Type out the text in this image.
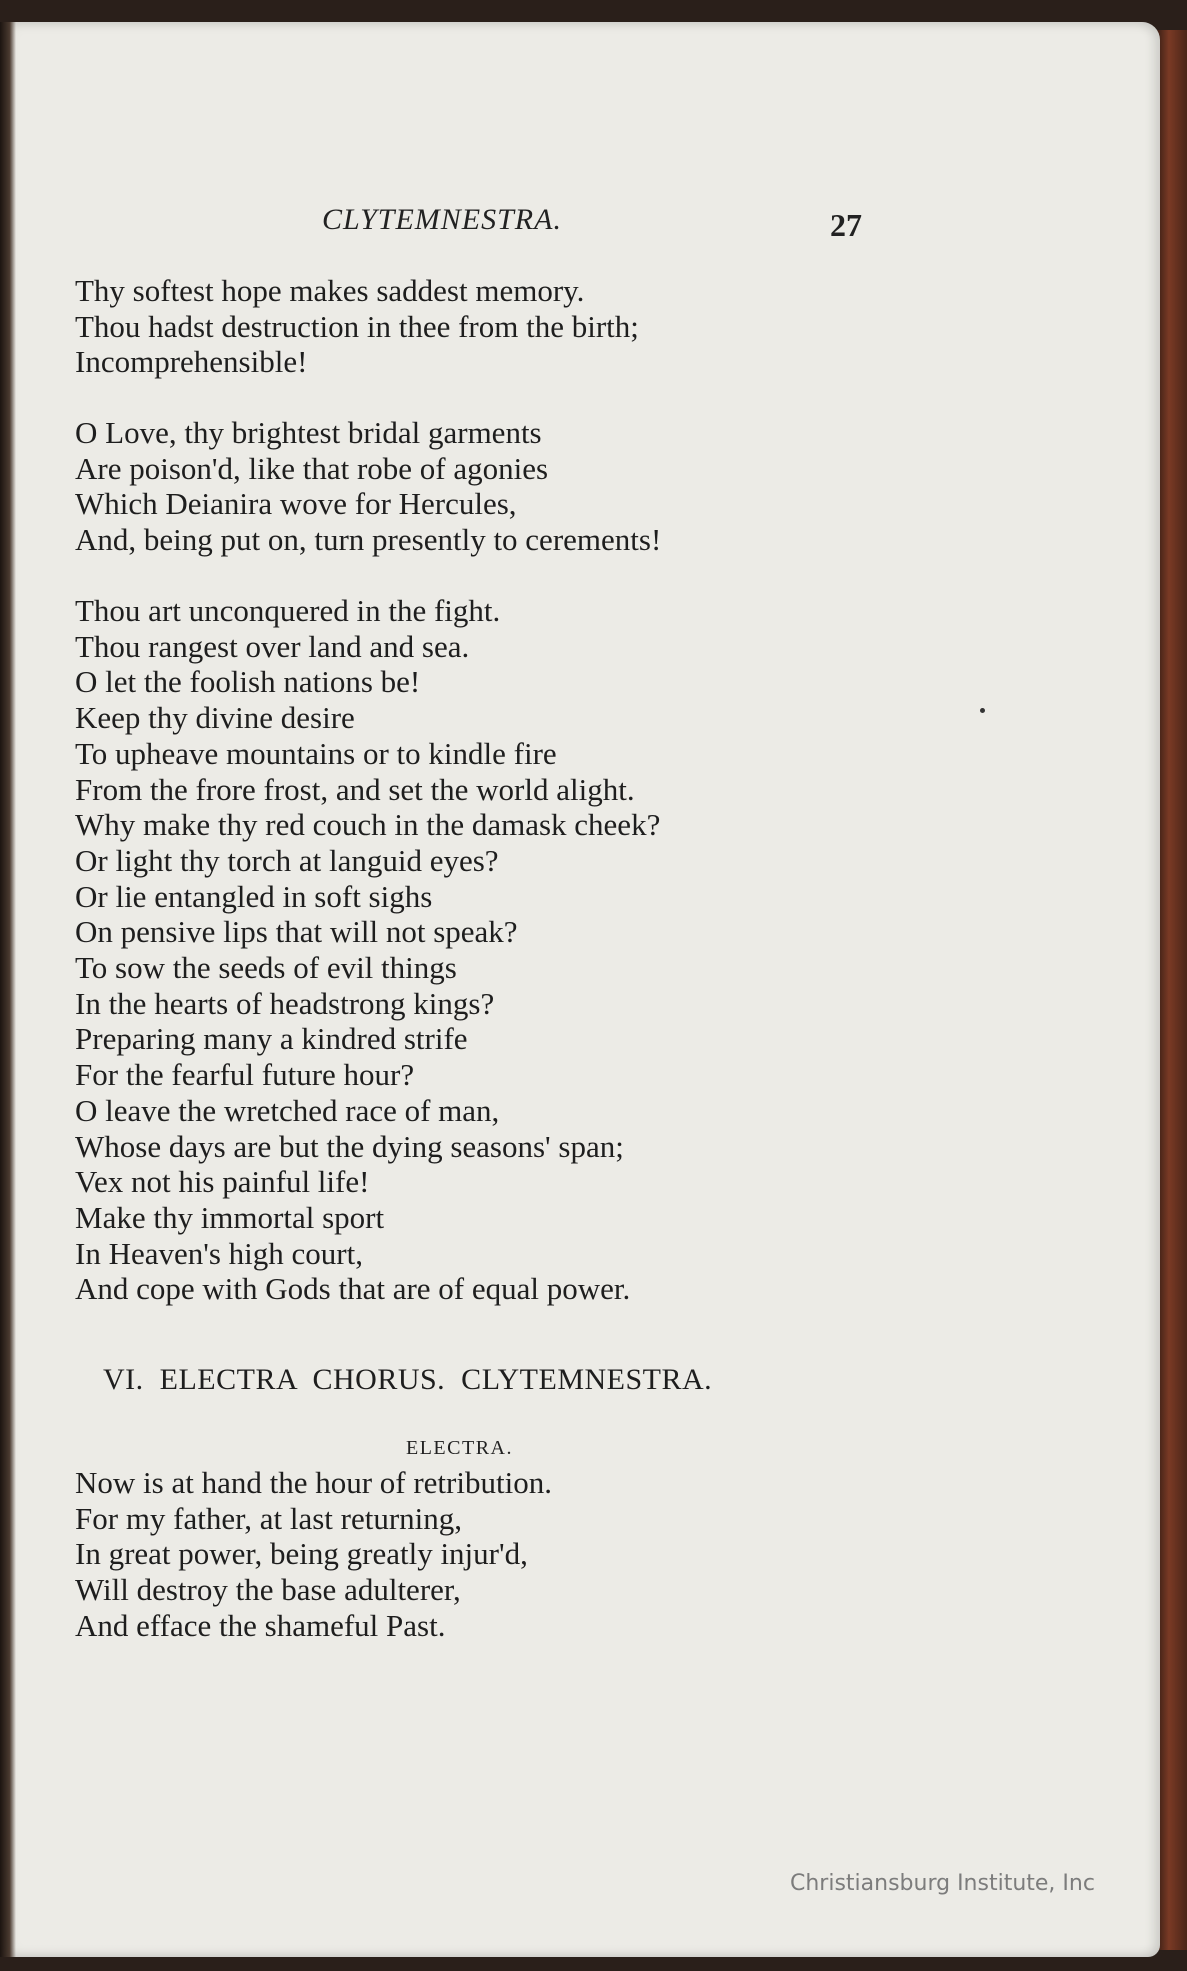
CLYTEMNESTRA.	27
Thy softest hope makes saddest memory.
Thou hadst destruction in thee from the birth;
Incomprehensible!
O Love, thy brightest bridal garments
Are poison'd, like that robe of agonies
Which Deianira wove for Hercules,
And, being put on, turn presently to cerements!
Thou art unconquered in the fight.
Thou rangest over land and sea.
O let the foolish nations be!
Keep thy divine desire
To upheave mountains or to kindle fire
From the frore frost, and set the world alight.
Why make thy red couch in the damask cheek?
Or light thy torch at languid eyes?
Or lie entangled in soft sighs
On pensive lips that will not speak?
To sow the seeds of evil things
In the hearts of headstrong kings?
Preparing many a kindred strife
For the fearful future hour?
O leave the wretched race of man,
Whose days are but the dying seasons' span;
Vex not his painful life!
Make thy immortal sport
In Heaven's high court,
And cope with Gods that are of equal power.
VI. ELECTRA CHORUS. CLYTEMNESTRA.
ELECTRA.
Now is at hand the hour of retribution.
For my father, at last returning,
In great power, being greatly injur'd,
Will destroy the base adulterer,
And efface the shameful Past.
Christiansburg Institute, Inc
